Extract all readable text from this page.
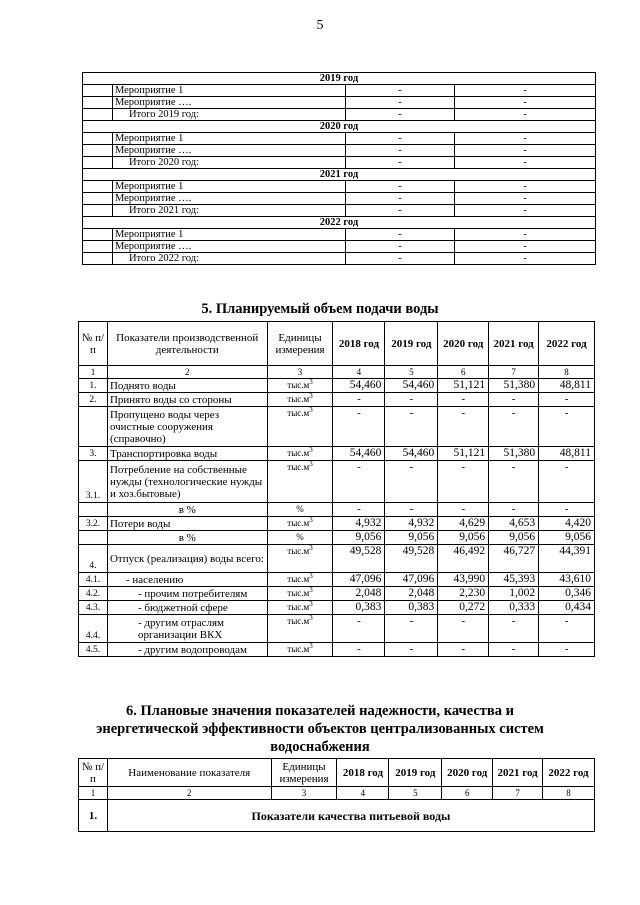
5
2019 год			
	Мероприятие 1	-	-
	Мероприятие ….	-	-
	Итого 2019 год:	-	-
2020 год			
	Мероприятие 1	-	-
	Мероприятие ….	-	-
	Итого 2020 год:	-	-
2021 год			
	Мероприятие 1	-	-
	Мероприятие ….	-	-
	Итого 2021 год:	-	-
2022 год			
	Мероприятие 1	-	-
	Мероприятие ….	-	-
	Итого 2022 год:	-	-
5. Планируемый объем подачи воды
№ п/п	Показатели производственной деятельности	Единицы измерения	2018 год	2019 год	2020 год	2021 год	2022 год
1	2	3	4	5	6	7	8
1.	Поднято воды	$тыс.м^3$	54,460	54,460	51,121	51,380	48,811
2.	Принято воды со стороны	$тыс.м^3$	-	-	-	-	-
	Пропущено воды через очистные сооружения (справочно)	$тыс.м^3$	-	-	-	-	-
3.	Транспортировка воды	$тыс.м^3$	54,460	54,460	51,121	51,380	48,811
3.1.	Потребление на собственные нужды (технологические нужды и хоз.бытовые)	$тыс.м^3$	-	-	-	-	-
	в %	%	-	-	-	-	-
3.2.	Потери воды	$тыс.м^3$	4,932	4,932	4,629	4,653	4,420
	в %	%	9,056	9,056	9,056	9,056	9,056
4.	Отпуск (реализация) воды всего:	$тыс.м^3$	49,528	49,528	46,492	46,727	44,391
4.1.	- населению	$тыс.м^3$	47,096	47,096	43,990	45,393	43,610
4.2.	- прочим потребителям	$тыс.м^3$	2,048	2,048	2,230	1,002	0,346
4.3.	- бюджетной сфере	$тыс.м^3$	0,383	0,383	0,272	0,333	0,434
4.4.	- другим отраслям организации ВКХ	$тыс.м^3$	-	-	-	-	-
4.5.	- другим водопроводам	$тыс.м^3$	-	-	-	-	-
6. Плановые значения показателей надежности, качества и
энергетической эффективности объектов централизованных систем
водоснабжения
№ п/п	Наименование показателя	Единицы измерения	2018 год	2019 год	2020 год	2021 год	2022 год
1	2	3	4	5	6	7	8
1.	Показатели качества питьевой воды						
